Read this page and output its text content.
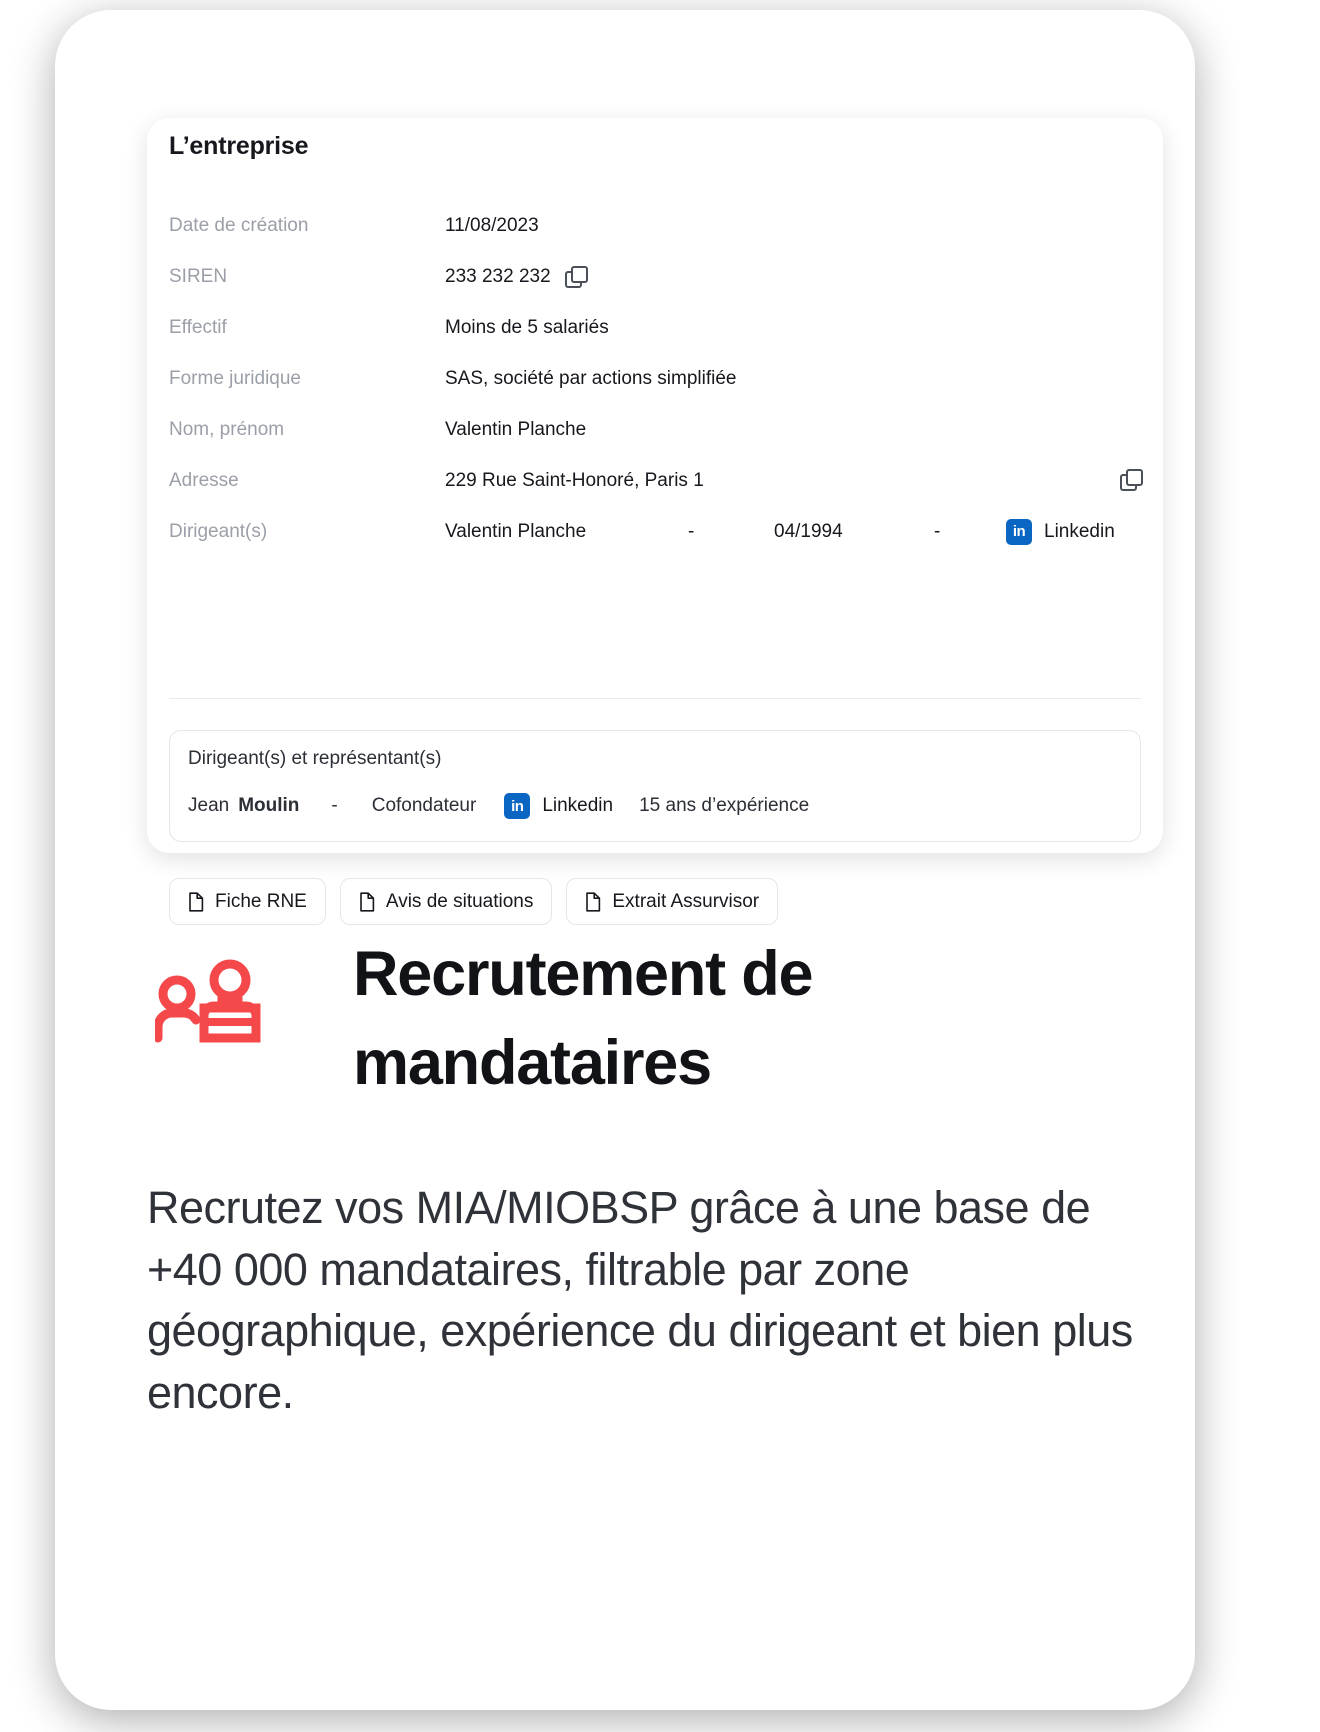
L’entreprise
Date de création	11/08/2023
SIREN	233 232 232
Effectif	Moins de 5 salariés
Forme juridique	SAS, société par actions simplifiée
Nom, prénom	Valentin Planche
Adresse	229 Rue Saint-Honoré, Paris 1
Dirigeant(s)	Valentin Planche	-	04/1994	-	in Linkedin
Dirigeant(s) et représentant(s)
Jean Moulin - Cofondateur	in Linkedin 15 ans d’expérience
Fiche RNE	Avis de situations	Extrait Assurvisor
Recrutement de mandataires
Recrutez vos MIA/MIOBSP grâce à une base de +40 000 mandataires, filtrable par zone géographique, expérience du dirigeant et bien plus encore.
